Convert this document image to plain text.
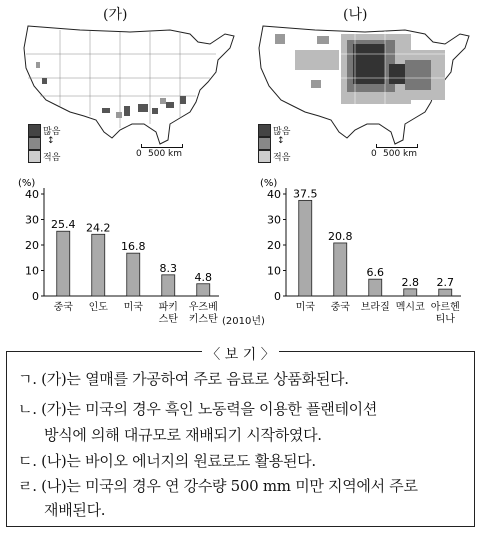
(가)	(나)
많음
↕
적음
많음
↕
적음
0 500 km	0 500 km
(%)
0
10
20
30
40
25.4
중국
24.2
인도
16.8
미국
8.3
파키 스탄
4.8
우즈베 키스탄
(%)
0
10
20
30
40 37.5
미국
20.8
중국
6.6
브라질
2.8
멕시코
2.7
아르헨 티나
(2010년)
〈 보 기 〉
ㄱ. (가)는 열매를 가공하여 주로 음료로 상품화된다.
ㄴ. (가)는 미국의 경우 흑인 노동력을 이용한 플랜테이션
방식에 의해 대규모로 재배되기 시작하였다.
ㄷ. (나)는 바이오 에너지의 원료로도 활용된다.
ㄹ. (나)는 미국의 경우 연 강수량 500 mm 미만 지역에서 주로
재배된다.
